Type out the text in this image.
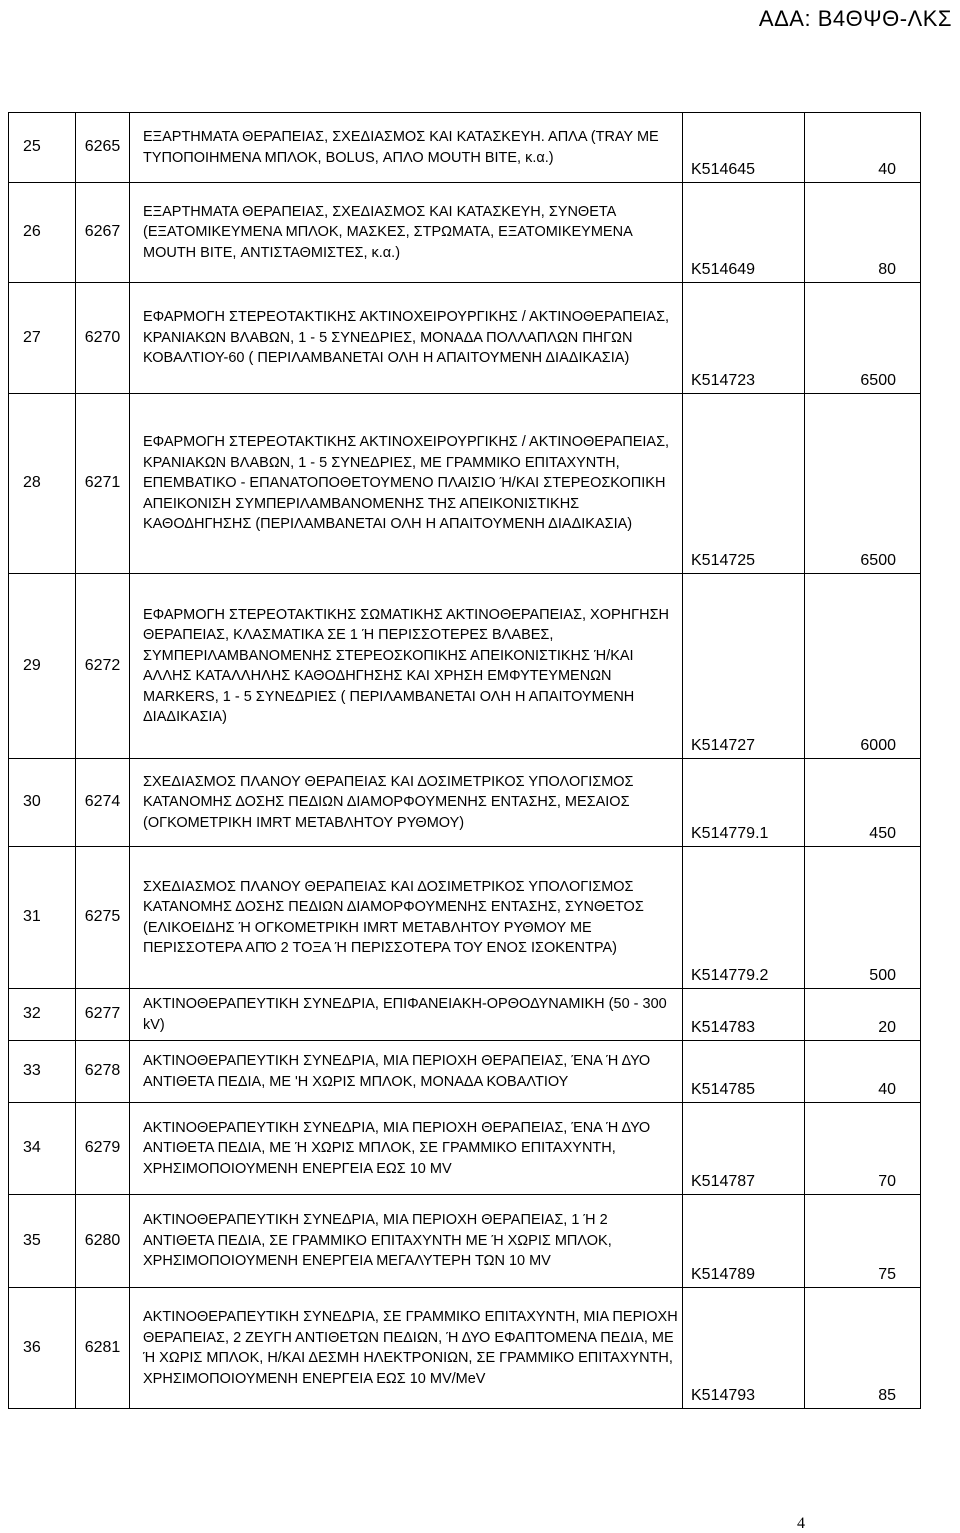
ΑΔΑ: Β4ΘΨΘ-ΛΚΣ
25	6265	ΕΞΑΡΤΗΜΑΤΑ ΘΕΡΑΠΕΙΑΣ, ΣΧΕΔΙΑΣΜΟΣ ΚΑΙ ΚΑΤΑΣΚΕΥΗ. ΑΠΛΑ (TRAY ΜΕ ΤΥΠΟΠΟΙΗΜΕΝΑ ΜΠΛΟΚ, BOLUS, ΑΠΛΟ MOUTH BITE, κ.α.)	Κ514645	40
26	6267	ΕΞΑΡΤΗΜΑΤΑ ΘΕΡΑΠΕΙΑΣ, ΣΧΕΔΙΑΣΜΟΣ ΚΑΙ ΚΑΤΑΣΚΕΥΗ, ΣΥΝΘΕΤΑ (ΕΞΑΤΟΜΙΚΕΥΜΕΝΑ ΜΠΛΟΚ, ΜΑΣΚΕΣ, ΣΤΡΩΜΑΤΑ, ΕΞΑΤΟΜΙΚΕΥΜΕΝΑ MOUTH BITE, ΑΝΤΙΣΤΑΘΜΙΣΤΕΣ, κ.α.)	Κ514649	80
27	6270	ΕΦΑΡΜΟΓΗ ΣΤΕΡΕΟΤΑΚΤΙΚΗΣ ΑΚΤΙΝΟΧΕΙΡΟΥΡΓΙΚΗΣ / ΑΚΤΙΝΟΘΕΡΑΠΕΙΑΣ, ΚΡΑΝΙΑΚΩΝ ΒΛΑΒΩΝ, 1 - 5 ΣΥΝΕΔΡΙΕΣ, ΜΟΝΑΔΑ ΠΟΛΛΑΠΛΩΝ ΠΗΓΩΝ ΚΟΒΑΛΤΙΟΥ-60 ( ΠΕΡΙΛΑΜΒΑΝΕΤΑΙ ΟΛΗ Η ΑΠΑΙΤΟΥΜΕΝΗ ΔΙΑΔΙΚΑΣΙΑ)	Κ514723	6500
28	6271	ΕΦΑΡΜΟΓΗ ΣΤΕΡΕΟΤΑΚΤΙΚΗΣ ΑΚΤΙΝΟΧΕΙΡΟΥΡΓΙΚΗΣ / ΑΚΤΙΝΟΘΕΡΑΠΕΙΑΣ, ΚΡΑΝΙΑΚΩΝ ΒΛΑΒΩΝ, 1 - 5 ΣΥΝΕΔΡΙΕΣ, ΜΕ ΓΡΑΜΜΙΚΟ ΕΠΙΤΑΧΥΝΤΗ, ΕΠΕΜΒΑΤΙΚΟ - ΕΠΑΝΑΤΟΠΟΘΕΤΟΥΜΕΝΟ ΠΛΑΙΣΙΟ Ή/ΚΑΙ ΣΤΕΡΕΟΣΚΟΠΙΚΗ ΑΠΕΙΚΟΝΙΣΗ ΣΥΜΠΕΡΙΛΑΜΒΑΝΟΜΕΝΗΣ ΤΗΣ ΑΠΕΙΚΟΝΙΣΤΙΚΗΣ ΚΑΘΟΔΗΓΗΣΗΣ (ΠΕΡΙΛΑΜΒΑΝΕΤΑΙ ΟΛΗ Η ΑΠΑΙΤΟΥΜΕΝΗ ΔΙΑΔΙΚΑΣΙΑ)	Κ514725	6500
29	6272	ΕΦΑΡΜΟΓΗ ΣΤΕΡΕΟΤΑΚΤΙΚΗΣ ΣΩΜΑΤΙΚΗΣ ΑΚΤΙΝΟΘΕΡΑΠΕΙΑΣ, ΧΟΡΗΓΗΣΗ ΘΕΡΑΠΕΙΑΣ, ΚΛΑΣΜΑΤΙΚΑ ΣΕ 1 Ή ΠΕΡΙΣΣΟΤΕΡΕΣ ΒΛΑΒΕΣ, ΣΥΜΠΕΡΙΛΑΜΒΑΝΟΜΕΝΗΣ ΣΤΕΡΕΟΣΚΟΠΙΚΗΣ ΑΠΕΙΚΟΝΙΣΤΙΚΗΣ Ή/ΚΑΙ ΑΛΛΗΣ ΚΑΤΑΛΛΗΛΗΣ ΚΑΘΟΔΗΓΗΣΗΣ ΚΑΙ ΧΡΗΣΗ ΕΜΦΥΤΕΥΜΕΝΩΝ MARKERS, 1 - 5 ΣΥΝΕΔΡΙΕΣ ( ΠΕΡΙΛΑΜΒΑΝΕΤΑΙ ΟΛΗ Η ΑΠΑΙΤΟΥΜΕΝΗ ΔΙΑΔΙΚΑΣΙΑ)	Κ514727	6000
30	6274	ΣΧΕΔΙΑΣΜΟΣ ΠΛΑΝΟΥ ΘΕΡΑΠΕΙΑΣ ΚΑΙ ΔΟΣΙΜΕΤΡΙΚΟΣ ΥΠΟΛΟΓΙΣΜΟΣ ΚΑΤΑΝΟΜΗΣ ΔΟΣΗΣ ΠΕΔΙΩΝ ΔΙΑΜΟΡΦΟΥΜΕΝΗΣ ΕΝΤΑΣΗΣ, ΜΕΣΑΙΟΣ (ΟΓΚΟΜΕΤΡΙΚΗ IMRT ΜΕΤΑΒΛΗΤΟΥ ΡΥΘΜΟΥ)	Κ514779.1	450
31	6275	ΣΧΕΔΙΑΣΜΟΣ ΠΛΑΝΟΥ ΘΕΡΑΠΕΙΑΣ ΚΑΙ ΔΟΣΙΜΕΤΡΙΚΟΣ ΥΠΟΛΟΓΙΣΜΟΣ ΚΑΤΑΝΟΜΗΣ ΔΟΣΗΣ ΠΕΔΙΩΝ ΔΙΑΜΟΡΦΟΥΜΕΝΗΣ ΕΝΤΑΣΗΣ, ΣΥΝΘΕΤΟΣ (ΕΛΙΚΟΕΙΔΗΣ Ή ΟΓΚΟΜΕΤΡΙΚΗ IMRT ΜΕΤΑΒΛΗΤΟΥ ΡΥΘΜΟΥ ΜΕ ΠΕΡΙΣΣΟΤΕΡΑ ΑΠΌ 2 ΤΟΞΑ Ή ΠΕΡΙΣΣΟΤΕΡΑ ΤΟΥ ΕΝΟΣ ΙΣΟΚΕΝΤΡΑ)	Κ514779.2	500
32	6277	ΑΚΤΙΝΟΘΕΡΑΠΕΥΤΙΚΗ ΣΥΝΕΔΡΙΑ, ΕΠΙΦΑΝΕΙΑΚΗ-ΟΡΘΟΔΥΝΑΜΙΚΗ (50 - 300 kV)	Κ514783	20
33	6278	ΑΚΤΙΝΟΘΕΡΑΠΕΥΤΙΚΗ ΣΥΝΕΔΡΙΑ, ΜΙΑ ΠΕΡΙΟΧΗ ΘΕΡΑΠΕΙΑΣ, ΈΝΑ Ή ΔΥΟ ΑΝΤΙΘΕΤΑ ΠΕΔΙΑ, ΜΕ 'Η ΧΩΡΙΣ ΜΠΛΟΚ, ΜΟΝΑΔΑ ΚΟΒΑΛΤΙΟΥ	Κ514785	40
34	6279	ΑΚΤΙΝΟΘΕΡΑΠΕΥΤΙΚΗ ΣΥΝΕΔΡΙΑ, ΜΙΑ ΠΕΡΙΟΧΗ ΘΕΡΑΠΕΙΑΣ, ΈΝΑ Ή ΔΥΟ ΑΝΤΙΘΕΤΑ ΠΕΔΙΑ, ΜΕ Ή ΧΩΡΙΣ ΜΠΛΟΚ, ΣΕ ΓΡΑΜΜΙΚΟ ΕΠΙΤΑΧΥΝΤΗ, ΧΡΗΣΙΜΟΠΟΙΟΥΜΕΝΗ ΕΝΕΡΓΕΙΑ ΕΩΣ 10 MV	Κ514787	70
35	6280	ΑΚΤΙΝΟΘΕΡΑΠΕΥΤΙΚΗ ΣΥΝΕΔΡΙΑ, ΜΙΑ ΠΕΡΙΟΧΗ ΘΕΡΑΠΕΙΑΣ, 1 Ή 2 ΑΝΤΙΘΕΤΑ ΠΕΔΙΑ, ΣΕ ΓΡΑΜΜΙΚΟ ΕΠΙΤΑΧΥΝΤΗ ΜΕ Ή ΧΩΡΙΣ ΜΠΛΟΚ, ΧΡΗΣΙΜΟΠΟΙΟΥΜΕΝΗ ΕΝΕΡΓΕΙΑ ΜΕΓΑΛΥΤΕΡΗ ΤΩΝ 10 MV	Κ514789	75
36	6281	ΑΚΤΙΝΟΘΕΡΑΠΕΥΤΙΚΗ ΣΥΝΕΔΡΙΑ, ΣΕ ΓΡΑΜΜΙΚΟ ΕΠΙΤΑΧΥΝΤΗ, ΜΙΑ ΠΕΡΙΟΧΗ ΘΕΡΑΠΕΙΑΣ, 2 ΖΕΥΓΗ ΑΝΤΙΘΕΤΩΝ ΠΕΔΙΩΝ, Ή ΔΥΟ ΕΦΑΠΤΟΜΕΝΑ ΠΕΔΙΑ, ΜΕ Ή ΧΩΡΙΣ ΜΠΛΟΚ, Η/ΚΑΙ ΔΕΣΜΗ ΗΛΕΚΤΡΟΝΙΩΝ, ΣΕ ΓΡΑΜΜΙΚΟ ΕΠΙΤΑΧΥΝΤΗ, ΧΡΗΣΙΜΟΠΟΙΟΥΜΕΝΗ ΕΝΕΡΓΕΙΑ ΕΩΣ 10 MV/MeV	Κ514793	85
4
